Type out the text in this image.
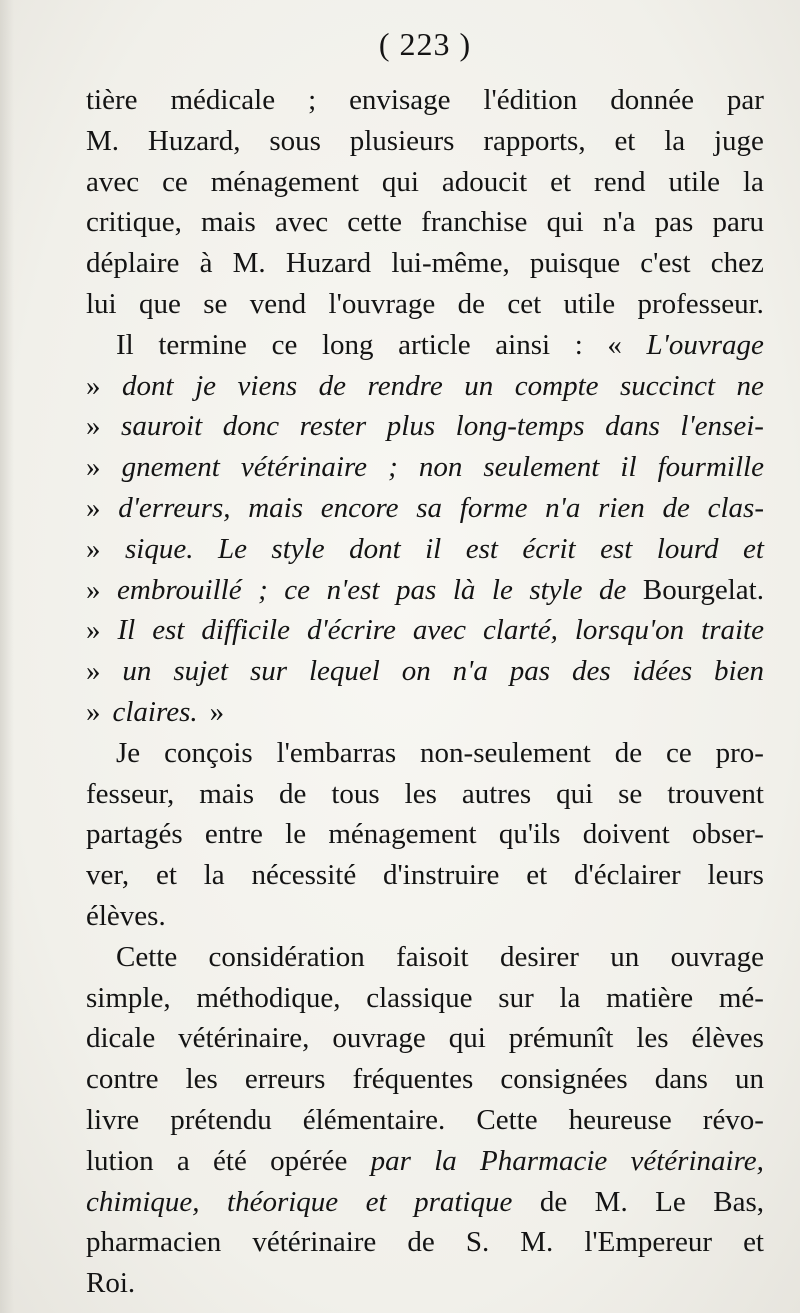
( 223 )
tière médicale ; envisage l'édition donnée par
M. Huzard, sous plusieurs rapports, et la juge
avec ce ménagement qui adoucit et rend utile la
critique, mais avec cette franchise qui n'a pas paru
déplaire à M. Huzard lui-même, puisque c'est chez
lui que se vend l'ouvrage de cet utile professeur.
Il termine ce long article ainsi : « L'ouvrage
» dont je viens de rendre un compte succinct ne
» sauroit donc rester plus long-temps dans l'ensei-
» gnement vétérinaire ; non seulement il fourmille
» d'erreurs, mais encore sa forme n'a rien de clas-
» sique. Le style dont il est écrit est lourd et
» embrouillé ; ce n'est pas là le style de Bourgelat.
» Il est difficile d'écrire avec clarté, lorsqu'on traite
» un sujet sur lequel on n'a pas des idées bien
» claires. »
Je conçois l'embarras non-seulement de ce pro-
fesseur, mais de tous les autres qui se trouvent
partagés entre le ménagement qu'ils doivent obser-
ver, et la nécessité d'instruire et d'éclairer leurs
élèves.
Cette considération faisoit desirer un ouvrage
simple, méthodique, classique sur la matière mé-
dicale vétérinaire, ouvrage qui prémunît les élèves
contre les erreurs fréquentes consignées dans un
livre prétendu élémentaire. Cette heureuse révo-
lution a été opérée par la Pharmacie vétérinaire,
chimique, théorique et pratique de M. Le Bas,
pharmacien vétérinaire de S. M. l'Empereur et
Roi.
